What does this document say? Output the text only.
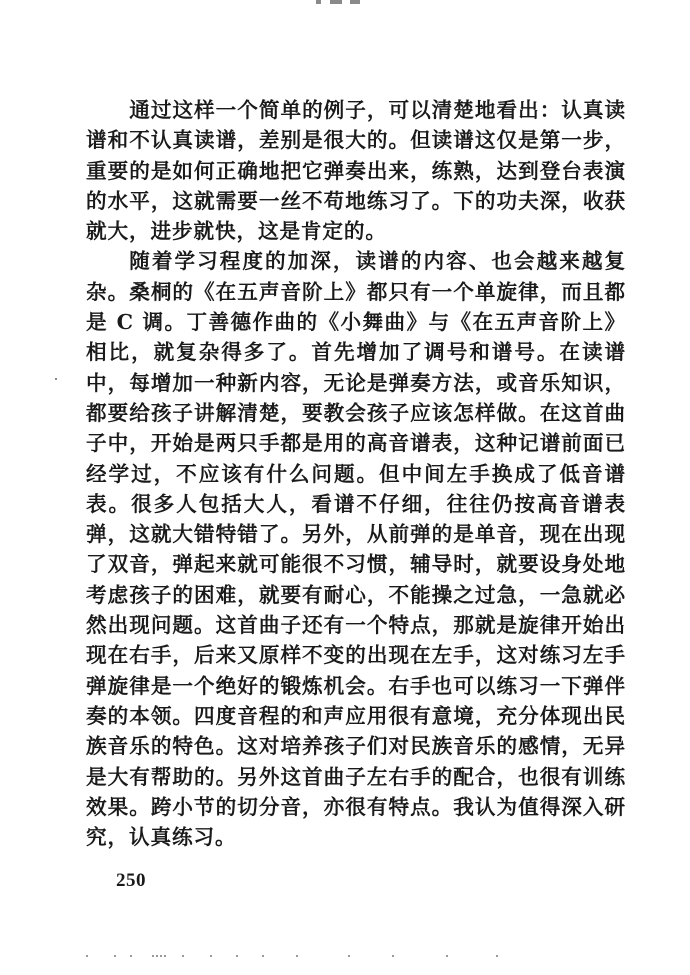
通过这样一个简单的例子，可以清楚地看出：认真读谱和不认真读谱，差别是很大的。但读谱这仅是第一步，重要的是如何正确地把它弹奏出来，练熟，达到登台表演的水平，这就需要一丝不苟地练习了。下的功夫深，收获就大，进步就快，这是肯定的。

随着学习程度的加深，读谱的内容、也会越来越复杂。桑桐的《在五声音阶上》都只有一个单旋律，而且都是 C 调。丁善德作曲的《小舞曲》与《在五声音阶上》相比，就复杂得多了。首先增加了调号和谱号。在读谱中，每增加一种新内容，无论是弹奏方法，或音乐知识，都要给孩子讲解清楚，要教会孩子应该怎样做。在这首曲子中，开始是两只手都是用的高音谱表，这种记谱前面已经学过，不应该有什么问题。但中间左手换成了低音谱表。很多人包括大人，看谱不仔细，往往仍按高音谱表弹，这就大错特错了。另外，从前弹的是单音，现在出现了双音，弹起来就可能很不习惯，辅导时，就要设身处地考虑孩子的困难，就要有耐心，不能操之过急，一急就必然出现问题。这首曲子还有一个特点，那就是旋律开始出现在右手，后来又原样不变的出现在左手，这对练习左手弹旋律是一个绝好的锻炼机会。右手也可以练习一下弹伴奏的本领。四度音程的和声应用很有意境，充分体现出民族音乐的特色。这对培养孩子们对民族音乐的感情，无异是大有帮助的。另外这首曲子左右手的配合，也很有训练效果。跨小节的切分音，亦很有特点。我认为值得深入研究，认真练习。

250
